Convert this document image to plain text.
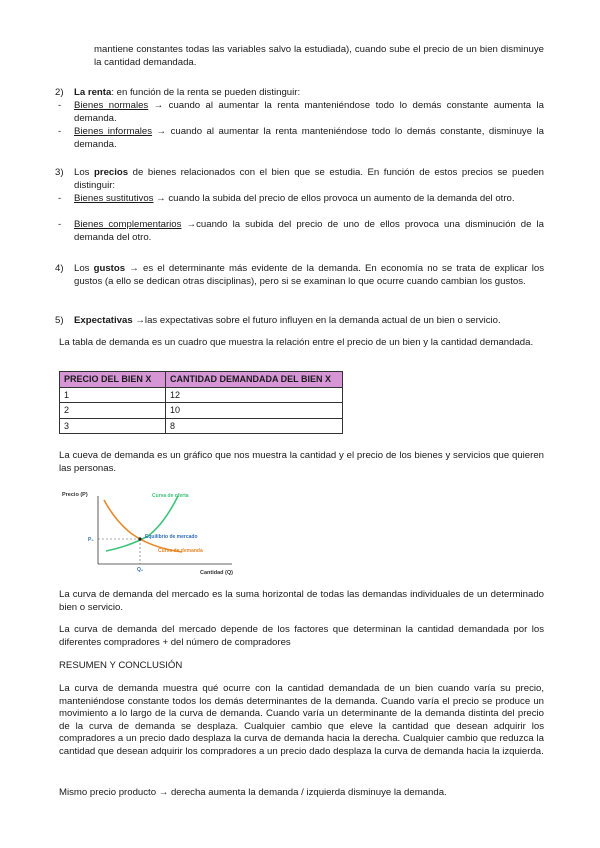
mantiene constantes todas las variables salvo la estudiada), cuando sube el precio de un bien disminuye la cantidad demandada.
2) La renta: en función de la renta se pueden distinguir:
- Bienes normales → cuando al aumentar la renta manteniéndose todo lo demás constante aumenta la demanda.
- Bienes informales → cuando al aumentar la renta manteniéndose todo lo demás constante, disminuye la demanda.
3) Los precios de bienes relacionados con el bien que se estudia. En función de estos precios se pueden distinguir:
- Bienes sustitutivos → cuando la subida del precio de ellos provoca un aumento de la demanda del otro.
- Bienes complementarios →cuando la subida del precio de uno de ellos provoca una disminución de la demanda del otro.
4) Los gustos → es el determinante más evidente de la demanda. En economía no se trata de explicar los gustos (a ello se dedican otras disciplinas), pero si se examinan lo que ocurre cuando cambian los gustos.
5) Expectativas →las expectativas sobre el futuro influyen en la demanda actual de un bien o servicio.
La tabla de demanda es un cuadro que muestra la relación entre el precio de un bien y la cantidad demandada.
PRECIO DEL BIEN X	CANTIDAD DEMANDADA DEL BIEN X
1	12
2	10
3	8
La cueva de demanda es un gráfico que nos muestra la cantidad y el precio de los bienes y servicios que quieren las personas.
Precio (P)
Cantidad (Q)
Curva de oferta
Equilibrio de mercado
Curva de demanda
P₀
Q₀
La curva de demanda del mercado es la suma horizontal de todas las demandas individuales de un determinado bien o servicio.
La curva de demanda del mercado depende de los factores que determinan la cantidad demandada por los diferentes compradores + del número de compradores
RESUMEN Y CONCLUSIÓN
La curva de demanda muestra qué ocurre con la cantidad demandada de un bien cuando varía su precio, manteniéndose constante todos los demás determinantes de la demanda. Cuando varía el precio se produce un movimiento a lo largo de la curva de demanda. Cuando varía un determinante de la demanda distinta del precio de la curva de demanda se desplaza. Cualquier cambio que eleve la cantidad que desean adquirir los compradores a un precio dado desplaza la curva de demanda hacia la derecha. Cualquier cambio que reduzca la cantidad que desean adquirir los compradores a un precio dado desplaza la curva de demanda hacia la izquierda.
Mismo precio producto → derecha aumenta la demanda / izquierda disminuye la demanda.
